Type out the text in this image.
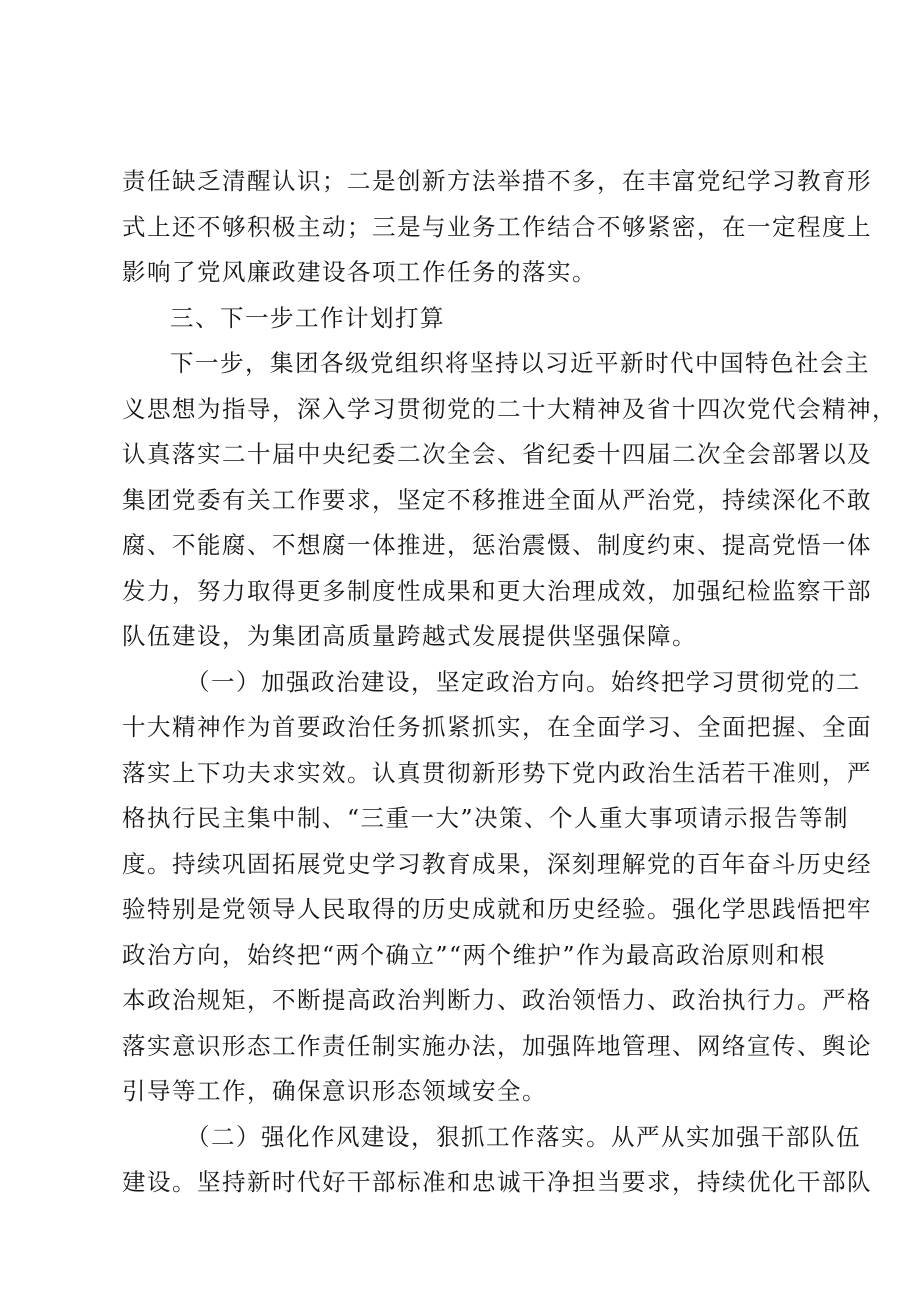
责任缺乏清醒认识；二是创新方法举措不多，在丰富党纪学习教育形
式上还不够积极主动；三是与业务工作结合不够紧密，在一定程度上
影响了党风廉政建设各项工作任务的落实。
三、下一步工作计划打算
下一步，集团各级党组织将坚持以习近平新时代中国特色社会主
义思想为指导，深入学习贯彻党的二十大精神及省十四次党代会精神，
认真落实二十届中央纪委二次全会、省纪委十四届二次全会部署以及
集团党委有关工作要求，坚定不移推进全面从严治党，持续深化不敢
腐、不能腐、不想腐一体推进，惩治震慑、制度约束、提高党悟一体
发力，努力取得更多制度性成果和更大治理成效，加强纪检监察干部
队伍建设，为集团高质量跨越式发展提供坚强保障。
（一）加强政治建设，坚定政治方向。始终把学习贯彻党的二
十大精神作为首要政治任务抓紧抓实，在全面学习、全面把握、全面
落实上下功夫求实效。认真贯彻新形势下党内政治生活若干准则，严
格执行民主集中制、“三重一大”决策、个人重大事项请示报告等制
度。持续巩固拓展党史学习教育成果，深刻理解党的百年奋斗历史经
验特别是党领导人民取得的历史成就和历史经验。强化学思践悟把牢
政治方向，始终把“两个确立”“两个维护”作为最高政治原则和根
本政治规矩，不断提高政治判断力、政治领悟力、政治执行力。严格
落实意识形态工作责任制实施办法，加强阵地管理、网络宣传、舆论
引导等工作，确保意识形态领域安全。
（二）强化作风建设，狠抓工作落实。从严从实加强干部队伍
建设。坚持新时代好干部标准和忠诚干净担当要求，持续优化干部队
